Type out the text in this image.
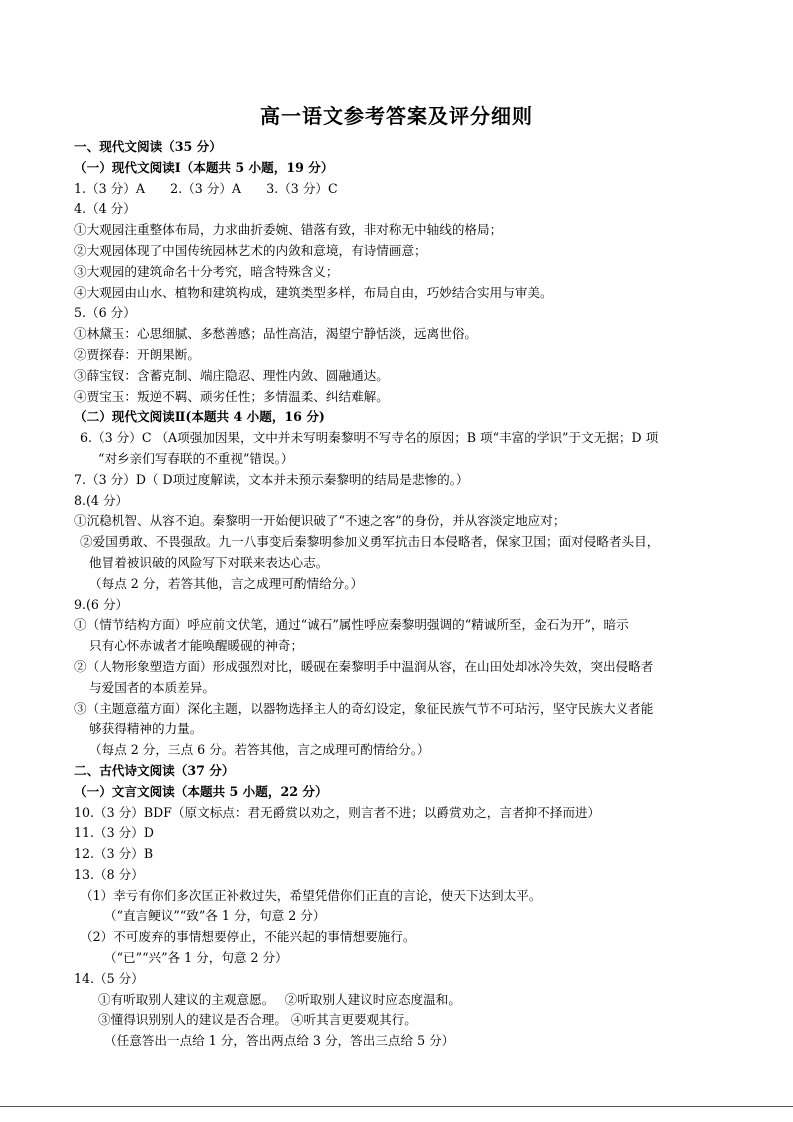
高一语文参考答案及评分细则
一、现代文阅读（35 分）
（一）现代文阅读Ⅰ（本题共 5 小题，19 分）
1.（3 分）A　　2.（3 分）A　　3.（3 分）C
4.（4 分）
①大观园注重整体布局，力求曲折委婉、错落有致，非对称无中轴线的格局；
②大观园体现了中国传统园林艺术的内敛和意境，有诗情画意；
③大观园的建筑命名十分考究，暗含特殊含义；
④大观园由山水、植物和建筑构成，建筑类型多样，布局自由，巧妙结合实用与审美。
5.（6 分）
①林黛玉：心思细腻、多愁善感；品性高洁，渴望宁静恬淡，远离世俗。
②贾探春：开朗果断。
③薛宝钗：含蓄克制、端庄隐忍、理性内敛、圆融通达。
④贾宝玉：叛逆不羁、顽劣任性；多情温柔、纠结难解。
（二）现代文阅读Ⅱ(本题共 4 小题，16 分)
6.（3 分）C （A项强加因果，文中并未写明秦黎明不写寺名的原因；B 项“丰富的学识”于文无据；D 项
“对乡亲们写春联的不重视”错误。）
7.（3 分）D（ D项过度解读，文本并未预示秦黎明的结局是悲惨的。）
8.(4 分）
①沉稳机智、从容不迫。秦黎明一开始便识破了“不速之客”的身份，并从容淡定地应对；
②爱国勇敢、不畏强敌。九一八事变后秦黎明参加义勇军抗击日本侵略者，保家卫国；面对侵略者头目，
他冒着被识破的风险写下对联来表达心志。
（每点 2 分，若答其他，言之成理可酌情给分。）
9.(6 分）
①（情节结构方面）呼应前文伏笔，通过“诚石”属性呼应秦黎明强调的“精诚所至，金石为开”，暗示
只有心怀赤诚者才能唤醒暖砚的神奇；
②（人物形象塑造方面）形成强烈对比，暖砚在秦黎明手中温润从容，在山田处却冰冷失效，突出侵略者
与爱国者的本质差异。
③（主题意蕴方面）深化主题，以器物选择主人的奇幻设定，象征民族气节不可玷污，坚守民族大义者能
够获得精神的力量。
（每点 2 分，三点 6 分。若答其他，言之成理可酌情给分。）
二、古代诗文阅读（37 分）
（一）文言文阅读（本题共 5 小题，22 分）
10.（3 分）BDF（原文标点：君无爵赏以劝之，则言者不进；以爵赏劝之，言者抑不择而进）
11.（3 分）D
12.（3 分）B
13.（8 分）
（1）幸亏有你们多次匡正补救过失，希望凭借你们正直的言论，使天下达到太平。
（“直言鲠议”“致”各 1 分，句意 2 分）
（2）不可废弃的事情想要停止，不能兴起的事情想要施行。
（“已”“兴”各 1 分，句意 2 分）
14.（5 分）
①有听取别人建议的主观意愿。　 ②听取别人建议时应态度温和。
③懂得识别别人的建议是否合理。 ④听其言更要观其行。
（任意答出一点给 1 分，答出两点给 3 分，答出三点给 5 分）
